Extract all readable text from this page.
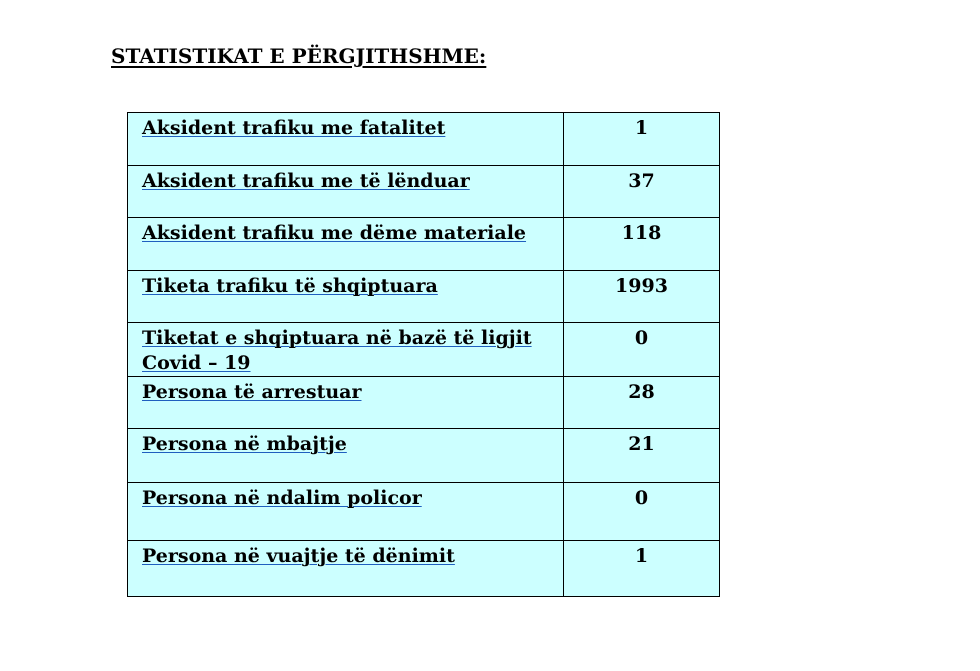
STATISTIKAT E PËRGJITHSHME:
Aksident trafiku me fatalitet	1
Aksident trafiku me të lënduar	37
Aksident trafiku me dëme materiale	118
Tiketa trafiku të shqiptuara	1993
Tiketat e shqiptuara në bazë të ligjit Covid – 19	0
Persona të arrestuar	28
Persona në mbajtje	21
Persona në ndalim policor	0
Persona në vuajtje të dënimit	1
